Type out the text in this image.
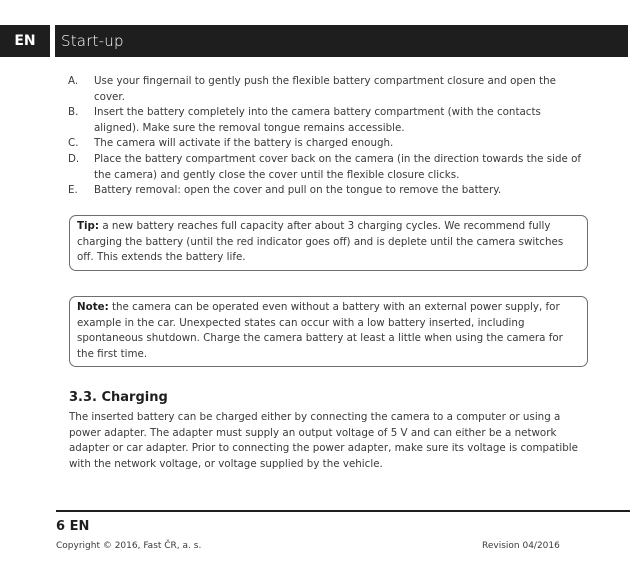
EN	Start-up
A.	Use your fingernail to gently push the flexible battery compartment closure and open the cover.
B.	Insert the battery completely into the camera battery compartment (with the contacts aligned). Make sure the removal tongue remains accessible.
C.	The camera will activate if the battery is charged enough.
D.	Place the battery compartment cover back on the camera (in the direction towards the side of the camera) and gently close the cover until the flexible closure clicks.
E.	Battery removal: open the cover and pull on the tongue to remove the battery.
Tip: a new battery reaches full capacity after about 3 charging cycles. We recommend fully charging the battery (until the red indicator goes off) and is deplete until the camera switches off. This extends the battery life.
Note: the camera can be operated even without a battery with an external power supply, for example in the car. Unexpected states can occur with a low battery inserted, including spontaneous shutdown. Charge the camera battery at least a little when using the camera for the first time.
3.3. Charging
The inserted battery can be charged either by connecting the camera to a computer or using a power adapter. The adapter must supply an output voltage of 5 V and can either be a network adapter or car adapter. Prior to connecting the power adapter, make sure its voltage is compatible with the network voltage, or voltage supplied by the vehicle.
6 EN
Copyright © 2016, Fast ČR, a. s.	Revision 04/2016
